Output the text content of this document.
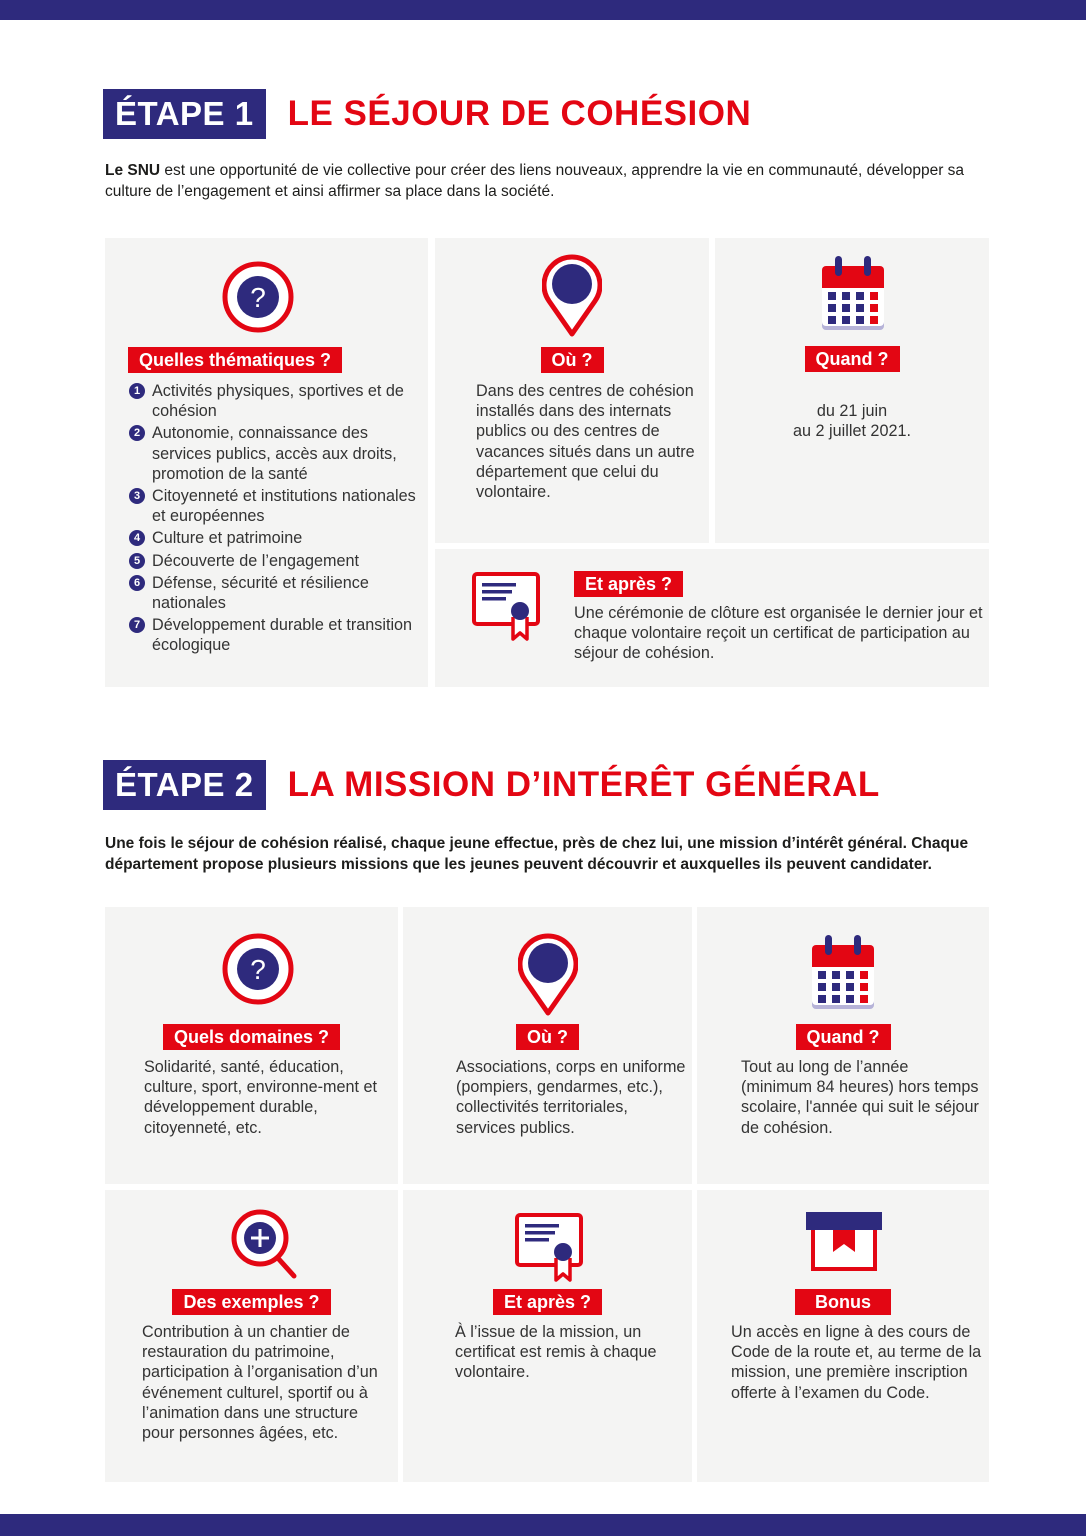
ÉTAPE 1 LE SÉJOUR DE COHÉSION
Le SNU est une opportunité de vie collective pour créer des liens nouveaux, apprendre la vie en communauté, développer sa culture de l’engagement et ainsi affirmer sa place dans la société.
?
Quelles thématiques ?
1 Activités physiques, sportives et de cohésion
2 Autonomie, connaissance des services publics, accès aux droits, promotion de la santé
3 Citoyenneté et institutions nationales et européennes
4 Culture et patrimoine
5 Découverte de l’engagement
6 Défense, sécurité et résilience nationales
7 Développement durable et transition écologique
Où ?
Dans des centres de cohésion installés dans des internats publics ou des centres de vacances situés dans un autre département que celui du volontaire.
Quand ?
du 21 juin
au 2 juillet 2021.
Et après ?
Une cérémonie de clôture est organisée le dernier jour et chaque volontaire reçoit un certificat de participation au séjour de cohésion.
ÉTAPE 2 LA MISSION D’INTÉRÊT GÉNÉRAL
Une fois le séjour de cohésion réalisé, chaque jeune effectue, près de chez lui, une mission d’intérêt général. Chaque département propose plusieurs missions que les jeunes peuvent découvrir et auxquelles ils peuvent candidater.
?
Quels domaines ?
Solidarité, santé, éducation, culture, sport, environne-ment et développement durable, citoyenneté, etc.
Où ?
Associations, corps en uniforme (pompiers, gendarmes, etc.), collectivités territoriales, services publics.
Quand ?
Tout au long de l’année (minimum 84 heures) hors temps scolaire, l'année qui suit le séjour de cohésion.
Des exemples ?
Contribution à un chantier de restauration du patrimoine, participation à l’organisation d’un événement culturel, sportif ou à l’animation dans une structure pour personnes âgées, etc.
Et après ?
À l’issue de la mission, un certificat est remis à chaque volontaire.
Bonus
Un accès en ligne à des cours de Code de la route et, au terme de la mission, une première inscription offerte à l’examen du Code.
